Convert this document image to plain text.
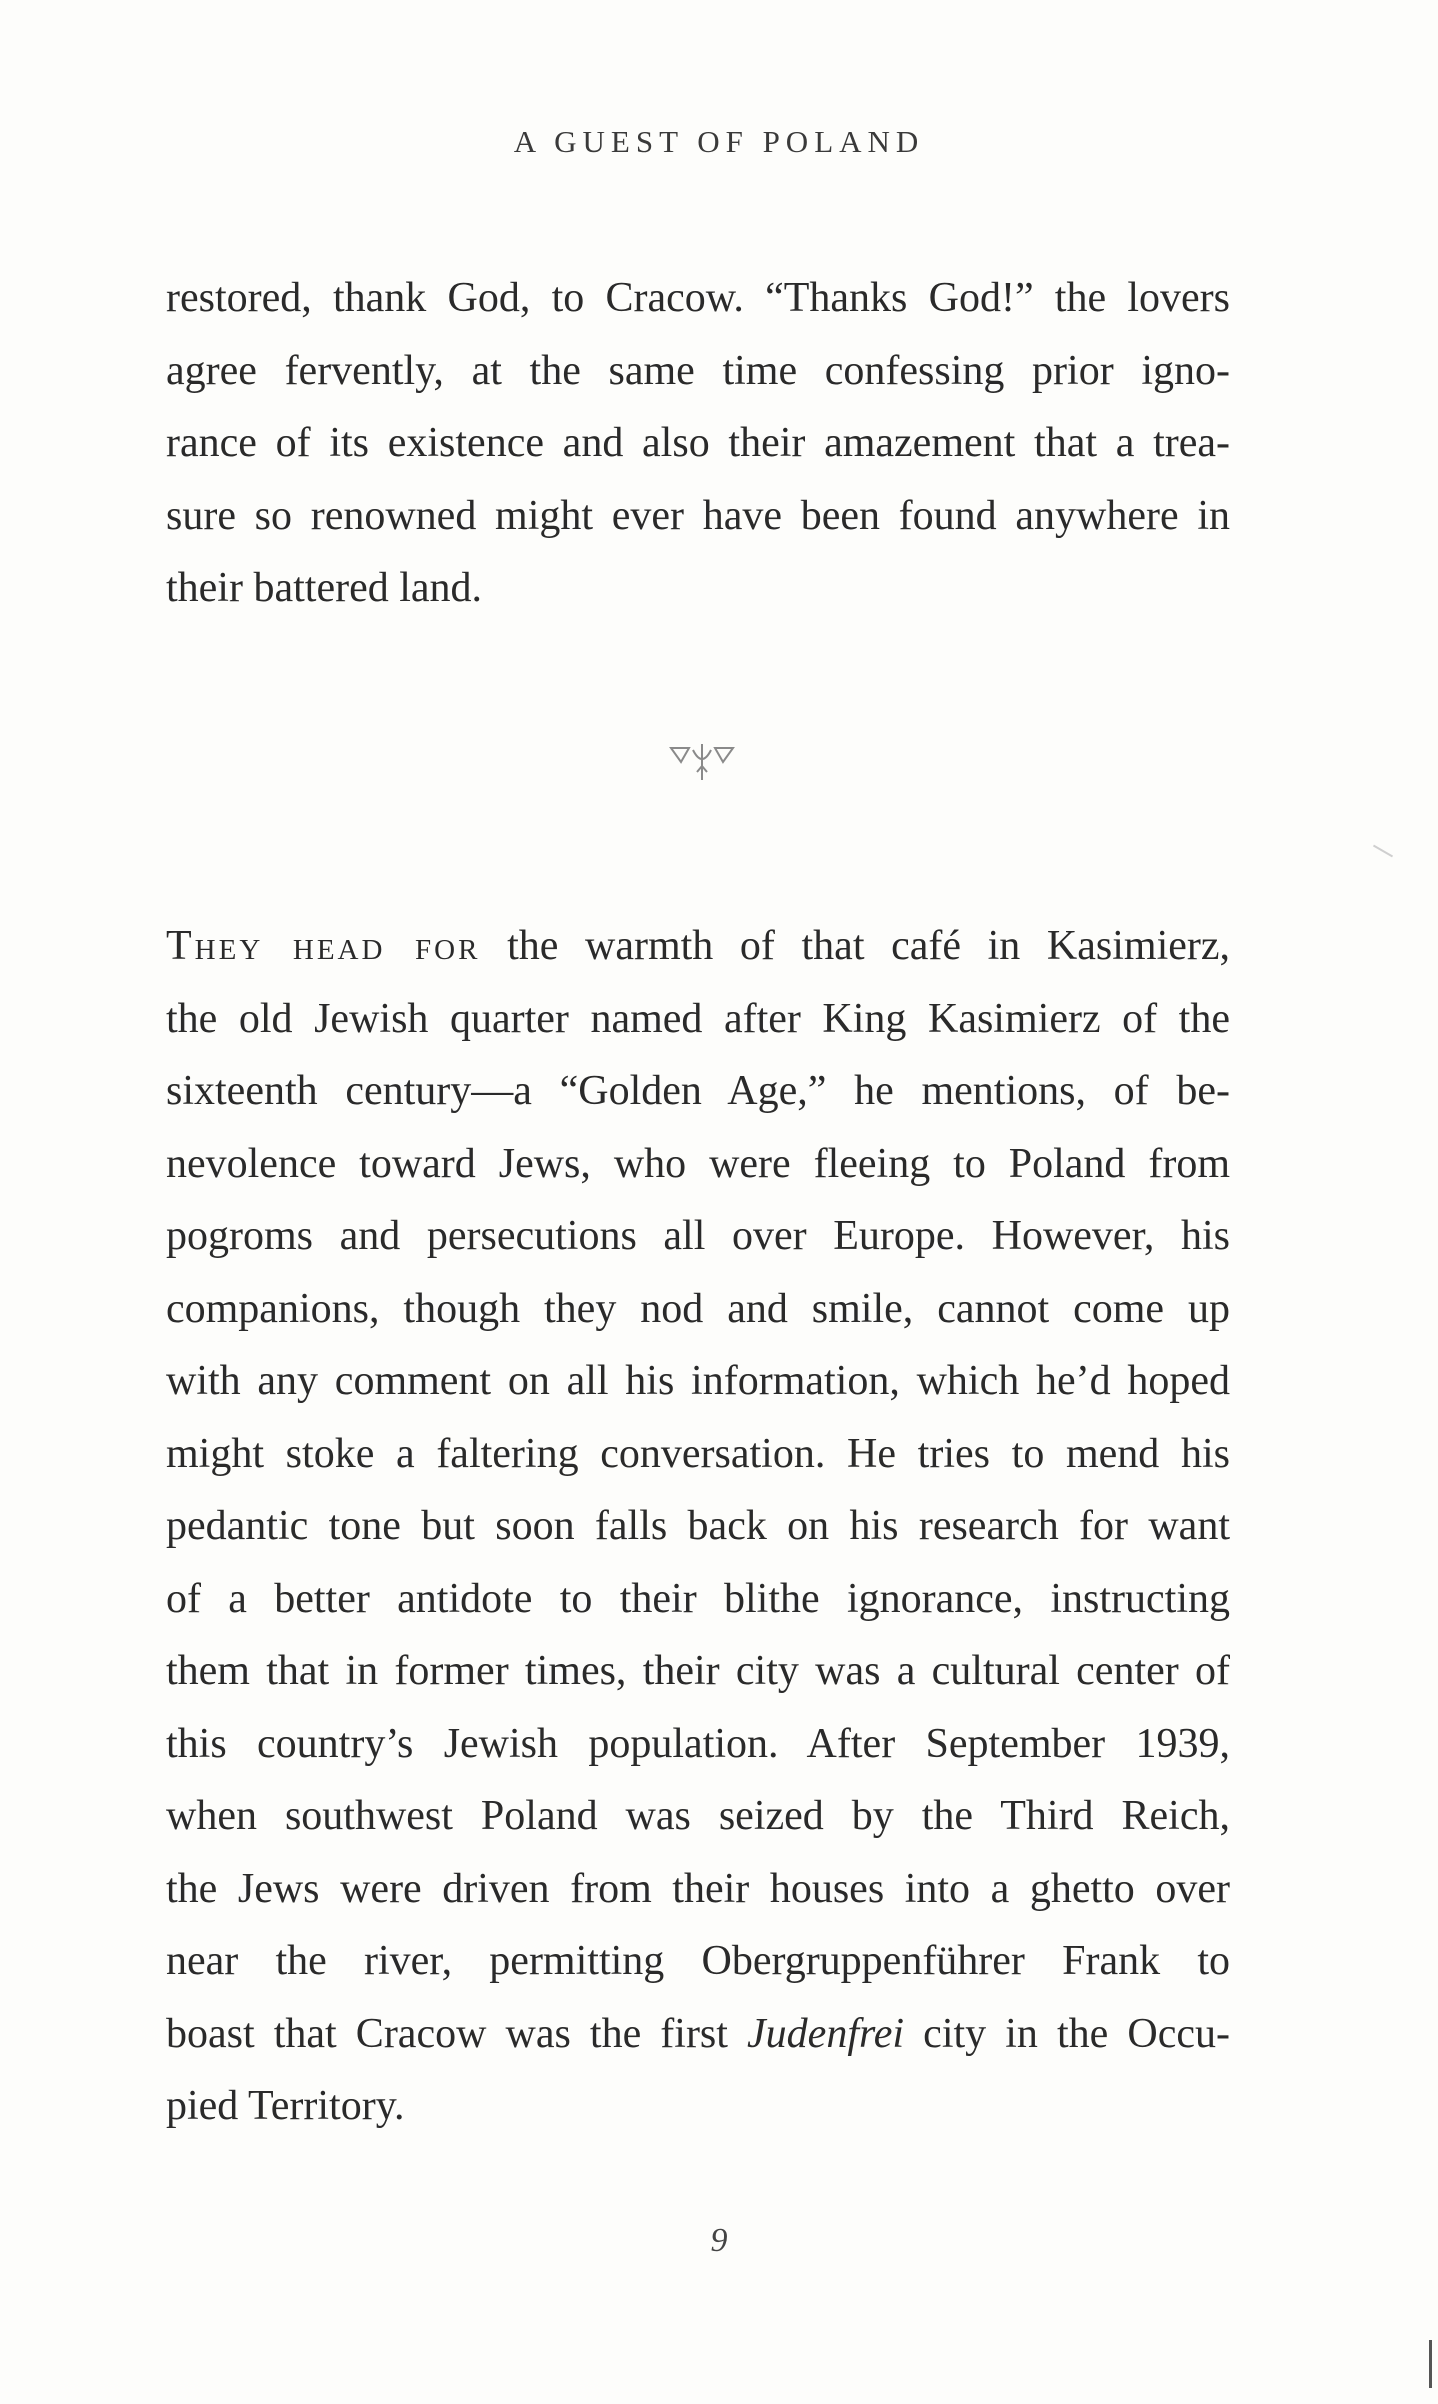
A GUEST OF POLAND
restored, thank God, to Cracow. “Thanks God!” the lovers
agree fervently, at the same time confessing prior igno-
rance of its existence and also their amazement that a trea-
sure so renowned might ever have been found anywhere in
their battered land.
They head for the warmth of that café in Kasimierz,
the old Jewish quarter named after King Kasimierz of the
sixteenth century—a “Golden Age,” he mentions, of be-
nevolence toward Jews, who were fleeing to Poland from
pogroms and persecutions all over Europe. However, his
companions, though they nod and smile, cannot come up
with any comment on all his information, which he’d hoped
might stoke a faltering conversation. He tries to mend his
pedantic tone but soon falls back on his research for want
of a better antidote to their blithe ignorance, instructing
them that in former times, their city was a cultural center of
this country’s Jewish population. After September 1939,
when southwest Poland was seized by the Third Reich,
the Jews were driven from their houses into a ghetto over
near the river, permitting Obergruppenführer Frank to
boast that Cracow was the first Judenfrei city in the Occu-
pied Territory.
9
